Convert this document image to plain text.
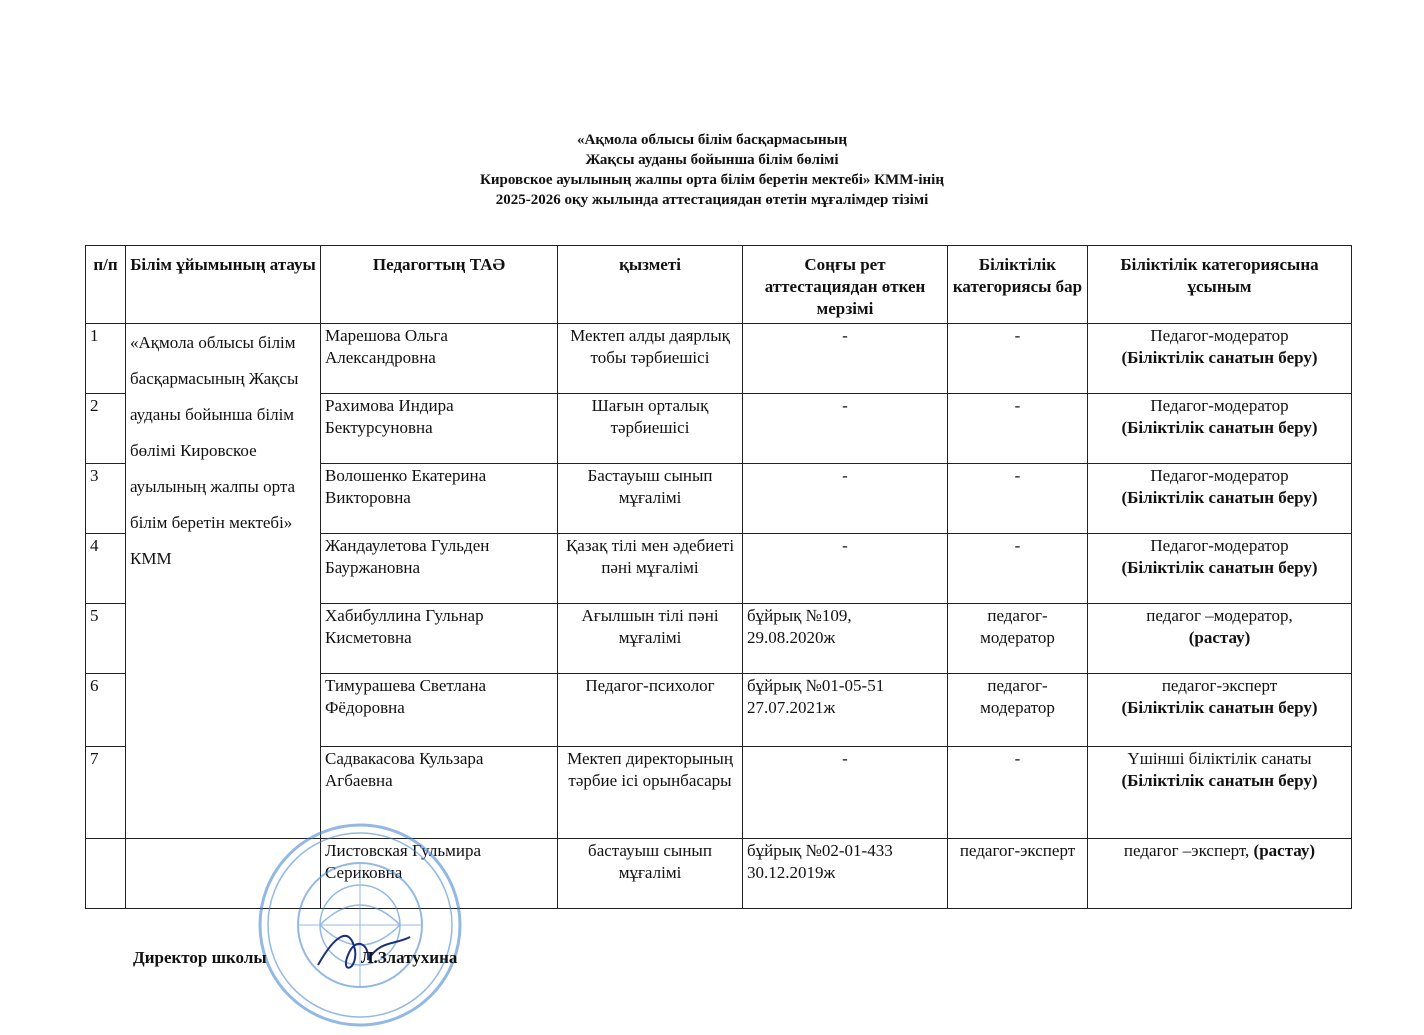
«Ақмола облысы білім басқармасының
Жақсы ауданы бойынша білім бөлімі
Кировское ауылының жалпы орта білім беретін мектебі» КММ-інің
2025-2026 оқу жылында аттестациядан өтетін мұғалімдер тізімі
п/п	Білім ұйымының атауы	Педагогтың ТАӘ	қызметі	Соңғы рет аттестациядан өткен мерзімі	Біліктілік категориясы бар	Біліктілік категориясына ұсыным
1	«Ақмола облысы білім басқармасының Жақсы ауданы бойынша білім бөлімі Кировское ауылының жалпы орта білім беретін мектебі» КММ	Марешова Ольга Александровна	Мектеп алды даярлық тобы тәрбиешісі	-	-	Педагог-модератор
(Біліктілік санатын беру)

2		Рахимова Индира Бектурсуновна	Шағын орталық тәрбиешісі	-	-	Педагог-модератор
(Біліктілік санатын беру)

3		Волошенко Екатерина Викторовна	Бастауыш сынып мұғалімі	-	-	Педагог-модератор
(Біліктілік санатын беру)

4		Жандаулетова Гульден Бауржановна	Қазақ тілі мен әдебиеті пәні мұғалімі	-	-	Педагог-модератор
(Біліктілік санатын беру)

5		Хабибуллина Гульнар Кисметовна	Ағылшын тілі пәні мұғалімі	бұйрық №109, 29.08.2020ж	педагог-модератор	педагог –модератор,
(растау)

6		Тимурашева Светлана Фёдоровна	Педагог-психолог	бұйрық №01-05-51 27.07.2021ж	педагог-модератор	педагог-эксперт
(Біліктілік санатын беру)

7		Садвакасова Кульзара Агбаевна	Мектеп директорының тәрбие ісі орынбасары	-	-	Үшінші біліктілік санаты
(Біліктілік санатын беру)

		Листовская Гульмира Сериковна	бастауыш сынып мұғалімі	бұйрық №02-01-433 30.12.2019ж	педагог-эксперт	педагог –эксперт, (растау)
Директор школы	Л.Златухина
